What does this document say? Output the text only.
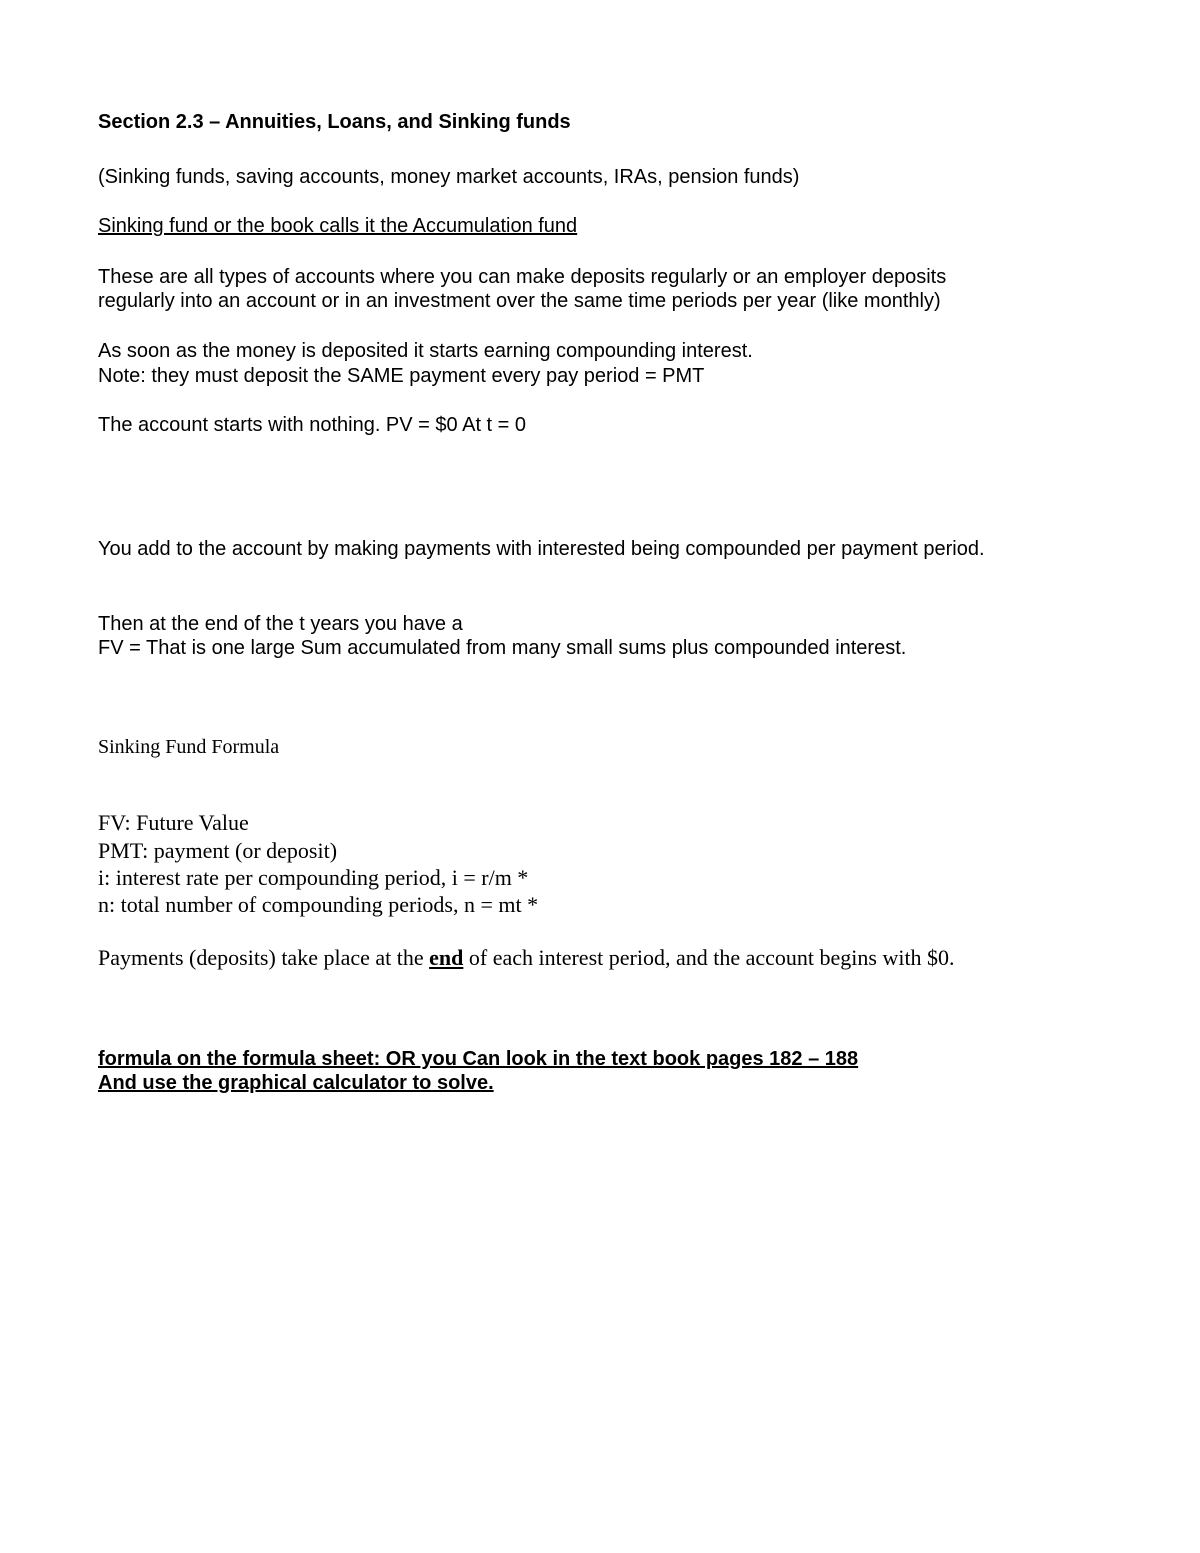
Section 2.3 – Annuities, Loans, and Sinking funds
(Sinking funds, saving accounts, money market accounts, IRAs, pension funds)
Sinking fund or the book calls it the Accumulation fund
These are all types of accounts where you can make deposits regularly or an employer deposits
regularly into an account or in an investment over the same time periods per year (like monthly)
As soon as the money is deposited it starts earning compounding interest.
Note: they must deposit the SAME payment every pay period = PMT
The account starts with nothing. PV = $0 At t = 0
You add to the account by making payments with interested being compounded per payment period.
Then at the end of the t years you have a
FV = That is one large Sum accumulated from many small sums plus compounded interest.
Sinking Fund Formula
FV: Future Value
PMT: payment (or deposit)
i: interest rate per compounding period, i = r/m *
n: total number of compounding periods, n = mt *
Payments (deposits) take place at the end of each interest period, and the account begins with $0.
formula on the formula sheet: OR you Can look in the text book pages 182 – 188
And use the graphical calculator to solve.
